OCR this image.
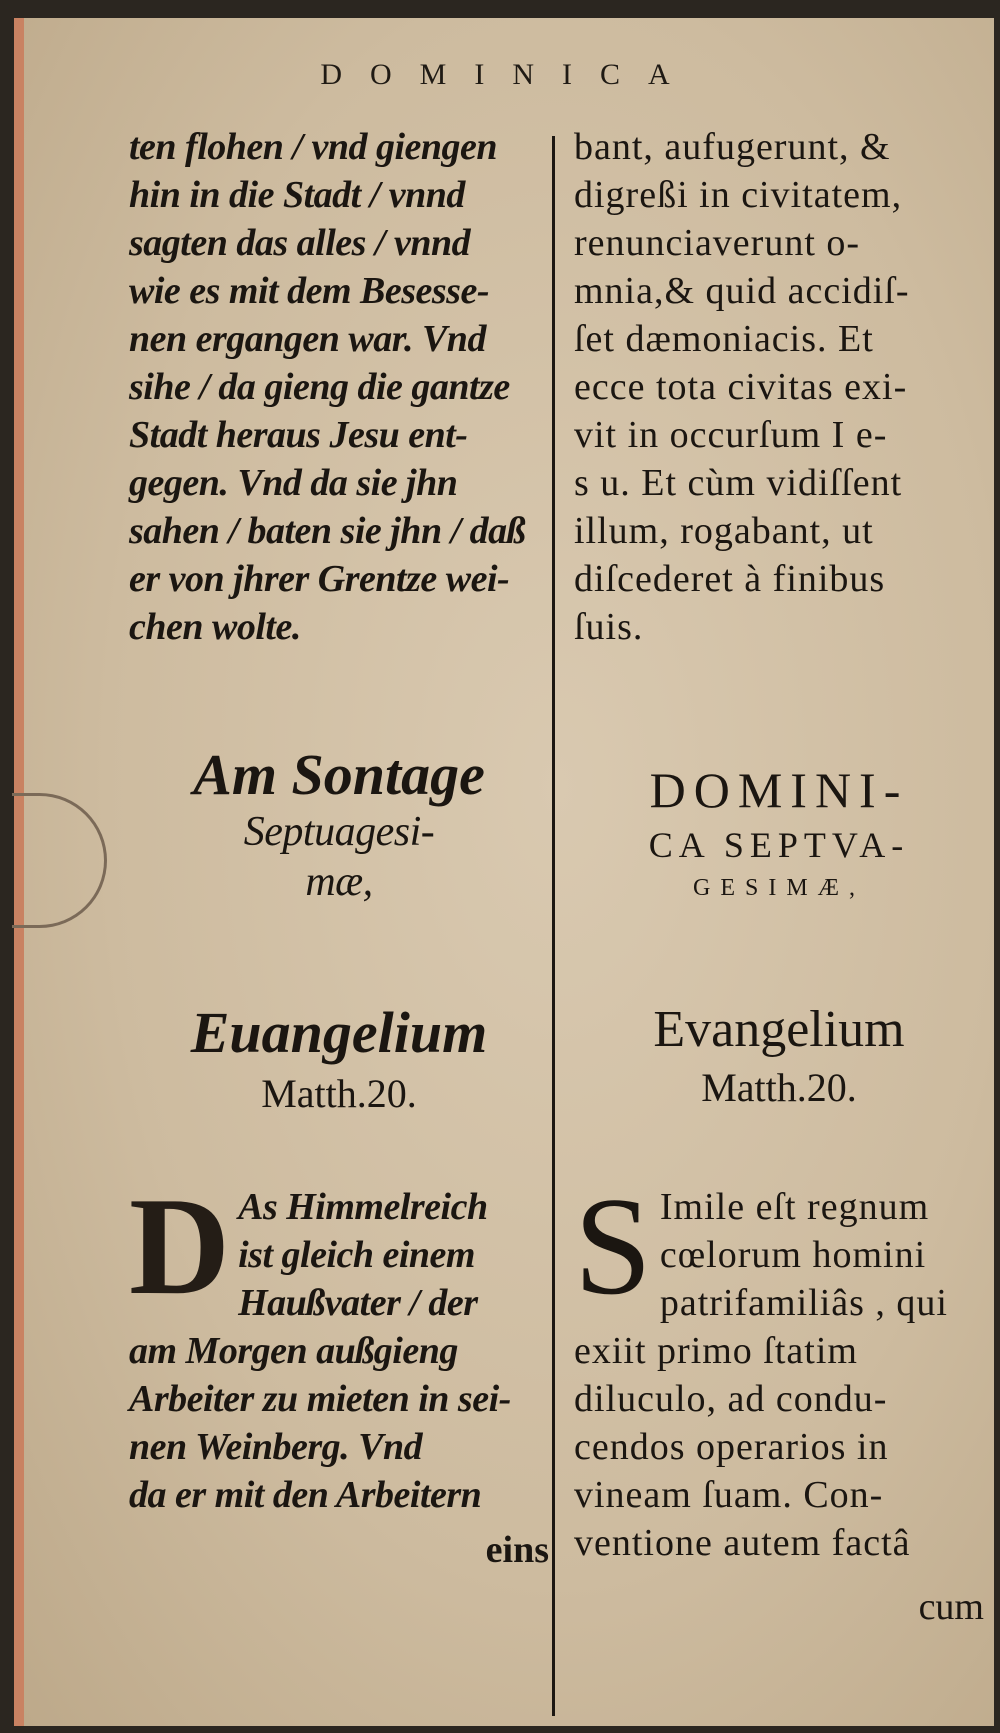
DOMINICA

ten flohen / vnd giengen
hin in die Stadt / vnnd
sagten das alles / vnnd
wie es mit dem Besesse-
nen ergangen war. Vnd
sihe / da gieng die gantze
Stadt heraus Jesu ent-
gegen. Vnd da sie jhn
sahen / baten sie jhn / daß
er von jhrer Grentze wei-
chen wolte.

Am Sontage
Septuagesi-
mæ,
Euangelium
Matth.20.
D As Himmelreich
ist gleich einem
Haußvater / der
am Morgen außgieng
Arbeiter zu mieten in sei-
nen Weinberg. Vnd
da er mit den Arbeitern

eins

bant, aufugerunt, &
digreßi in civitatem,
renunciaverunt o-
mnia,& quid accidiſ-
ſet dæmoniacis. Et
ecce tota civitas exi-
vit in occurſum I e-
s u. Et cùm vidiſſent
illum, rogabant, ut
diſcederet à finibus
ſuis.

DOMINI-
CA SEPTVA-
GESIMÆ,
Evangelium
Matth.20.
S Imile eſt regnum
cœlorum homini
patrifamiliâs , qui
exiit primo ſtatim
diluculo, ad condu-
cendos operarios in
vineam ſuam. Con-
ventione autem factâ

cum
